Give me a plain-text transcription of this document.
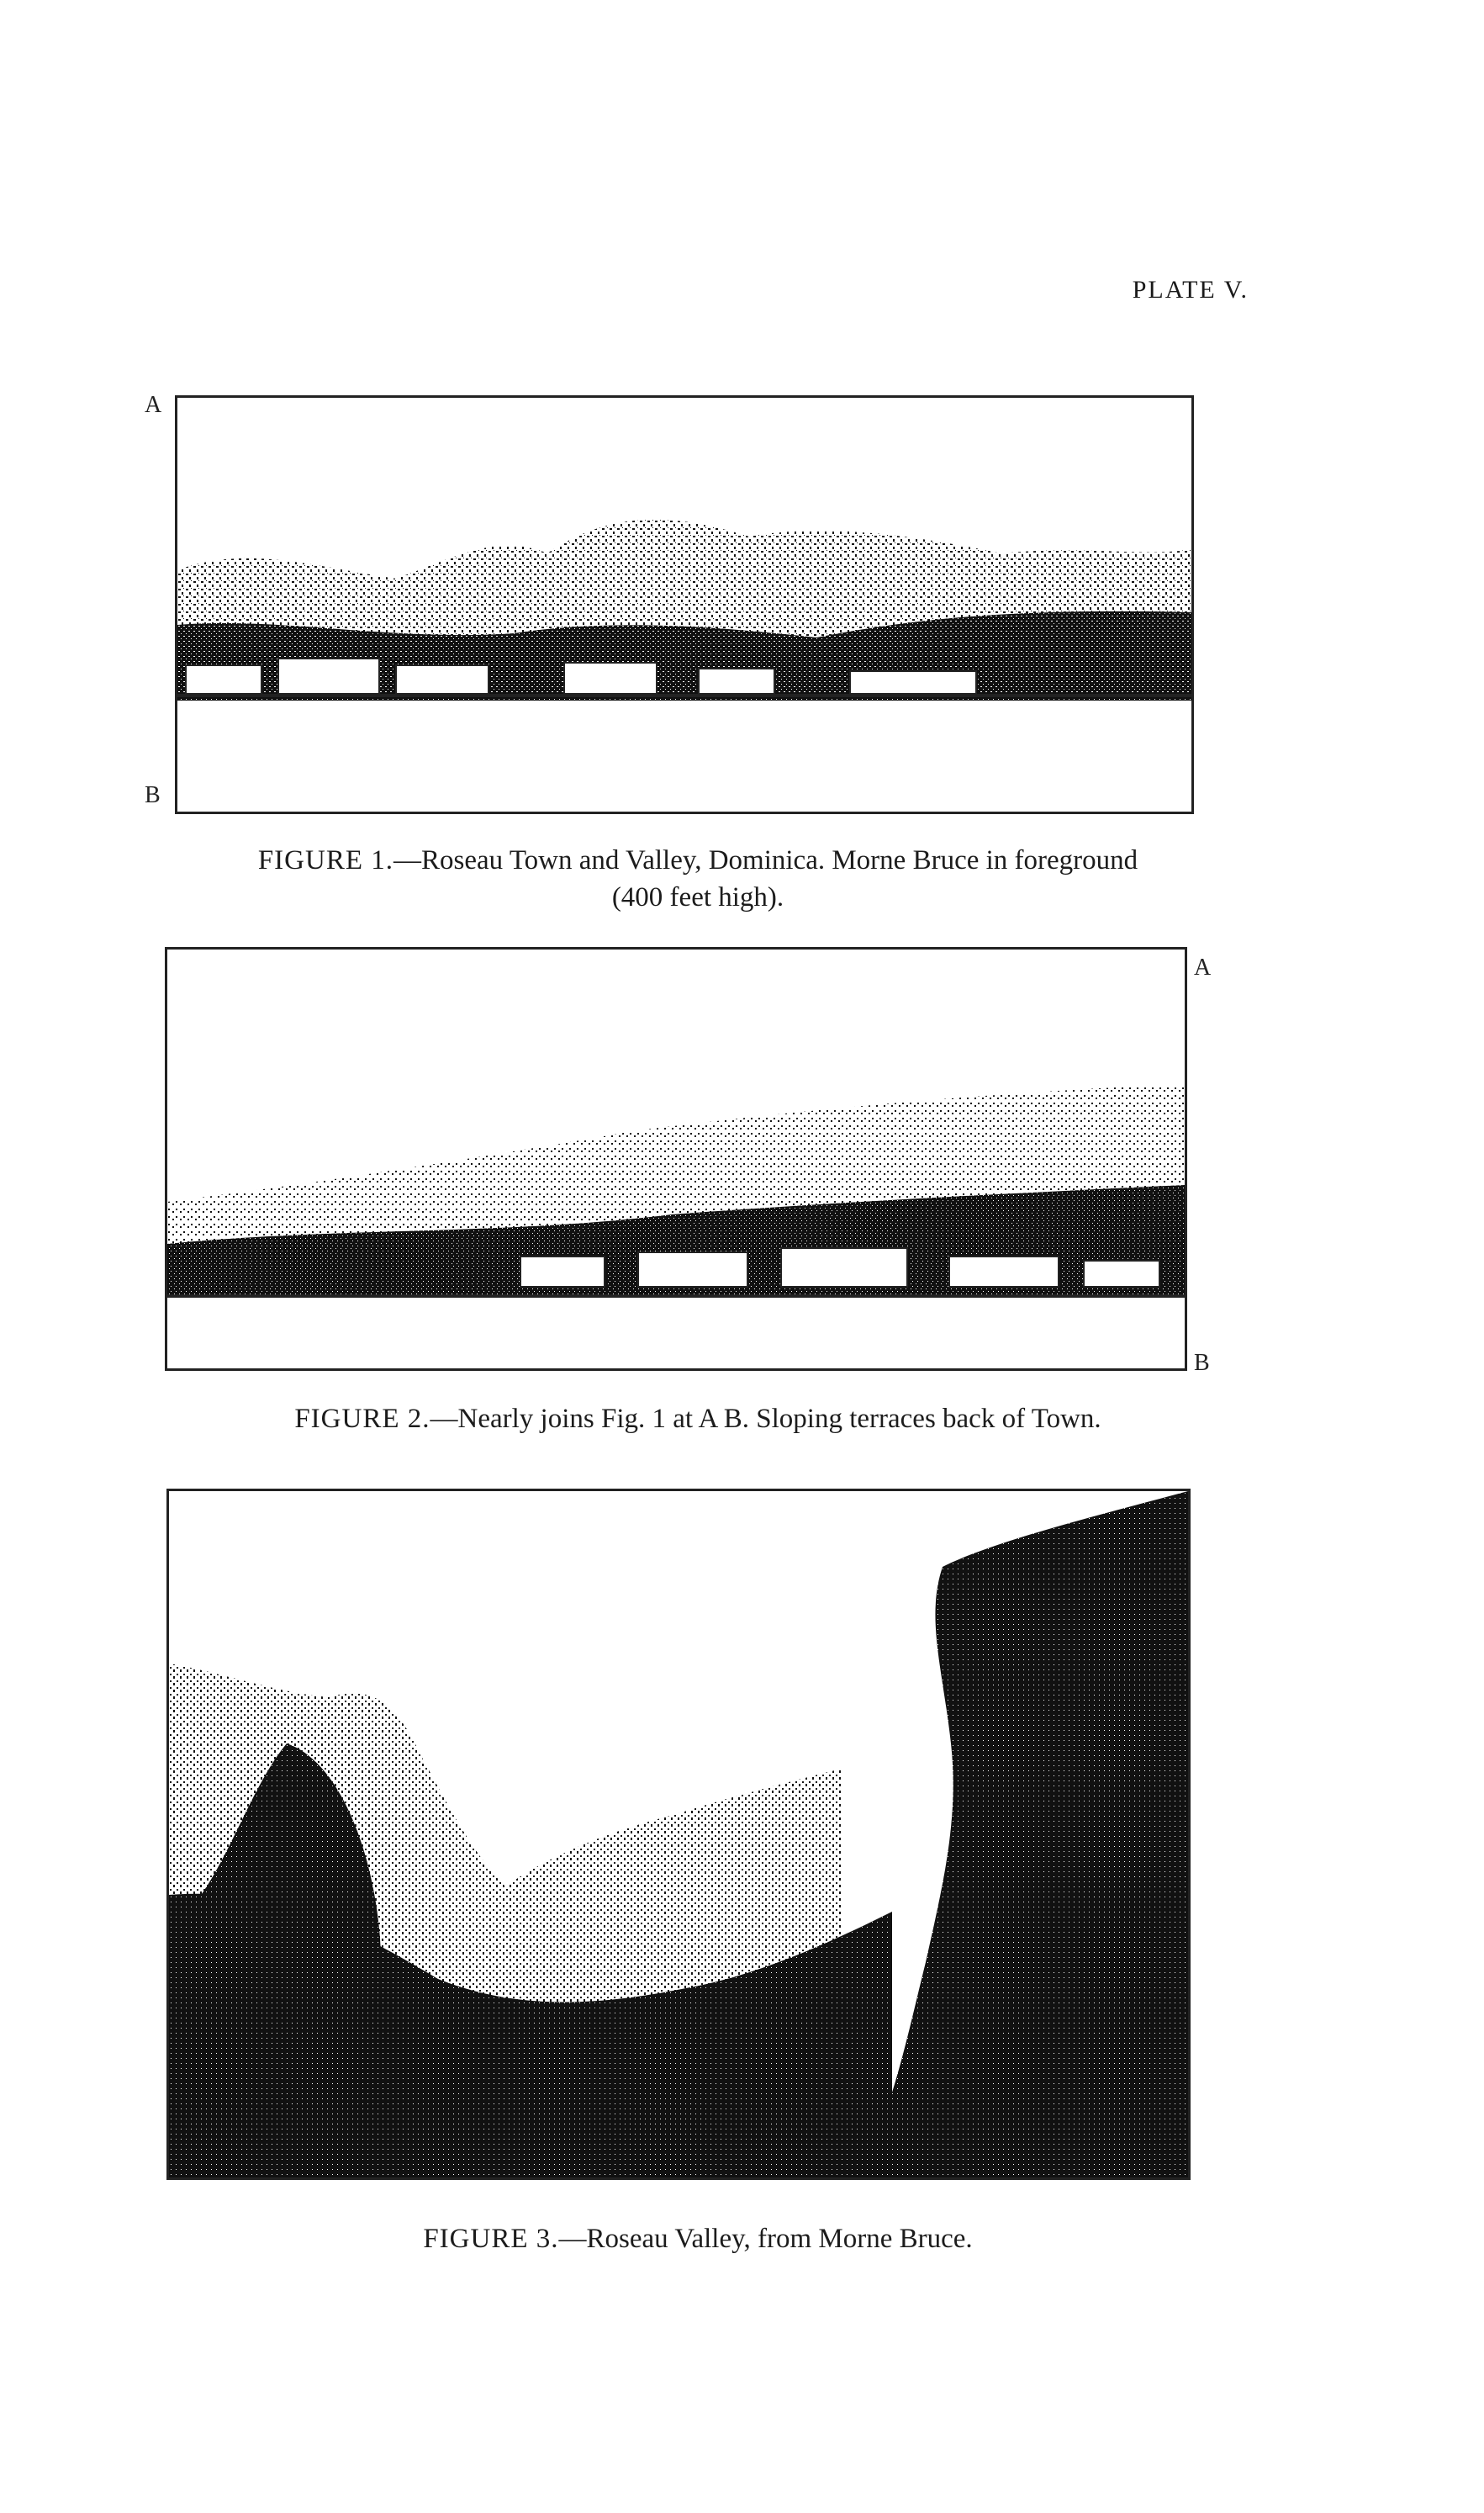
PLATE V.
A
B
FIGURE 1.—Roseau Town and Valley, Dominica. Morne Bruce in foreground
(400 feet high).
A
B
FIGURE 2.—Nearly joins Fig. 1 at A B. Sloping terraces back of Town.
FIGURE 3.—Roseau Valley, from Morne Bruce.
